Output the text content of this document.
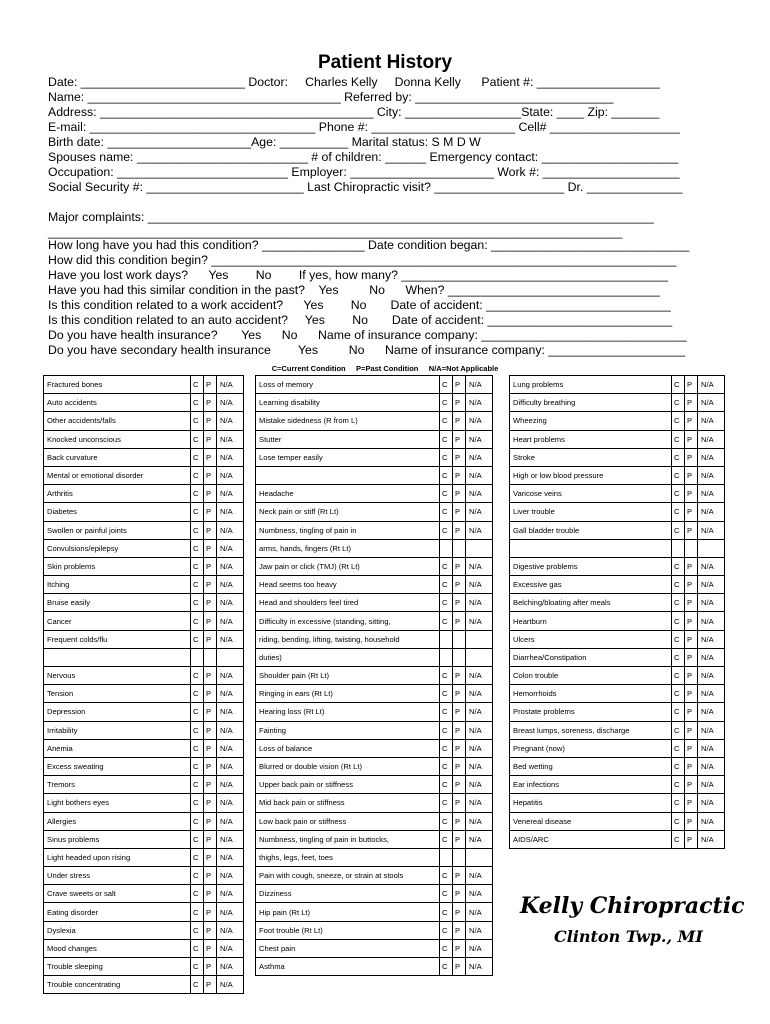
Patient History
Date: ________________________ Doctor:     Charles Kelly     Donna Kelly      Patient #: __________________
Name: _____________________________________ Referred by: _____________________________
Address: ________________________________________ City: _________________State: ____ Zip: _______
E-mail: _________________________________ Phone #: _____________________ Cell# ___________________
Birth date: _____________________Age: __________ Marital status: S M D W
Spouses name: _________________________ # of children: ______ Emergency contact: ____________________
Occupation: _________________________ Employer: _____________________ Work #: ____________________
Social Security #: _______________________ Last Chiropractic visit? ___________________ Dr. ______________
Major complaints: __________________________________________________________________________
____________________________________________________________________________________
How long have you had this condition? _______________ Date condition began: _____________________________
How did this condition begin? ____________________________________________________________________
Have you lost work days?      Yes        No        If yes, how many? _______________________________________
Have you had this similar condition in the past?    Yes         No      When? _______________________________
Is this condition related to a work accident?      Yes        No       Date of accident: ___________________________
Is this condition related to an auto accident?     Yes        No       Date of accident: ___________________________
Do you have health insurance?       Yes      No      Name of insurance company: ______________________________
Do you have secondary health insurance        Yes         No      Name of insurance company: ____________________
C=Current Condition     P=Past Condition     N/A=Not Applicable
Fractured bones	C	P	N/A
Auto accidents	C	P	N/A
Other accidents/falls	C	P	N/A
Knocked unconscious	C	P	N/A
Back curvature	C	P	N/A
Mental or emotional disorder	C	P	N/A
Arthritis	C	P	N/A
Diabetes	C	P	N/A
Swollen or painful joints	C	P	N/A
Convulsions/epilepsy	C	P	N/A
Skin problems	C	P	N/A
Itching	C	P	N/A
Bruise easily	C	P	N/A
Cancer	C	P	N/A
Frequent colds/flu	C	P	N/A

Nervous	C	P	N/A
Tension	C	P	N/A
Depression	C	P	N/A
Irritability	C	P	N/A
Anemia	C	P	N/A
Excess sweating	C	P	N/A
Tremors	C	P	N/A
Light bothers eyes	C	P	N/A
Allergies	C	P	N/A
Sinus problems	C	P	N/A
Light headed upon rising	C	P	N/A
Under stress	C	P	N/A
Crave sweets or salt	C	P	N/A
Eating disorder	C	P	N/A
Dyslexia	C	P	N/A
Mood changes	C	P	N/A
Trouble sleeping	C	P	N/A
Trouble concentrating	C	P	N/A
Loss of memory	C	P	N/A
Learning disability	C	P	N/A
Mistake sidedness (R from L)	C	P	N/A
Stutter	C	P	N/A
Lose temper easily	C	P	N/A
	C	P	N/A
Headache	C	P	N/A
Neck pain or stiff (Rt Lt)	C	P	N/A
Numbness, tingling of pain in	C	P	N/A
arms, hands, fingers (Rt Lt)			
Jaw pain or click (TMJ) (Rt Lt)	C	P	N/A
Head seems too heavy	C	P	N/A
Head and shoulders feel tired	C	P	N/A
Difficulty in excessive (standing, sitting,	C	P	N/A
riding, bending, lifting, twisting, household			
duties)			
Shoulder pain (Rt Lt)	C	P	N/A
Ringing in ears (Rt Lt)	C	P	N/A
Hearing loss (Rt Lt)	C	P	N/A
Fainting	C	P	N/A
Loss of balance	C	P	N/A
Blurred or double vision (Rt Lt)	C	P	N/A
Upper back pain or stiffness	C	P	N/A
Mid back pain or stiffness	C	P	N/A
Low back pain or stiffness	C	P	N/A
Numbness, tingling of pain in buttocks,	C	P	N/A
thighs, legs, feet, toes			
Pain with cough, sneeze, or strain at stools	C	P	N/A
Dizziness	C	P	N/A
Hip pain (Rt Lt)	C	P	N/A
Foot trouble (Rt Lt)	C	P	N/A
Chest pain	C	P	N/A
Asthma	C	P	N/A
Lung problems	C	P	N/A
Difficulty breathing	C	P	N/A
Wheezing	C	P	N/A
Heart problems	C	P	N/A
Stroke	C	P	N/A
High or low blood pressure	C	P	N/A
Varicose veins	C	P	N/A
Liver trouble	C	P	N/A
Gall bladder trouble	C	P	N/A

Digestive problems	C	P	N/A
Excessive gas	C	P	N/A
Belching/bloating after meals	C	P	N/A
Heartburn	C	P	N/A
Ulcers	C	P	N/A
Diarrhea/Constipation	C	P	N/A
Colon trouble	C	P	N/A
Hemorrhoids	C	P	N/A
Prostate problems	C	P	N/A
Breast lumps, soreness, discharge	C	P	N/A
Pregnant (now)	C	P	N/A
Bed wetting	C	P	N/A
Ear infections	C	P	N/A
Hepatitis	C	P	N/A
Venereal disease	C	P	N/A
AIDS/ARC	C	P	N/A
Kelly Chiropractic
Clinton Twp., MI
